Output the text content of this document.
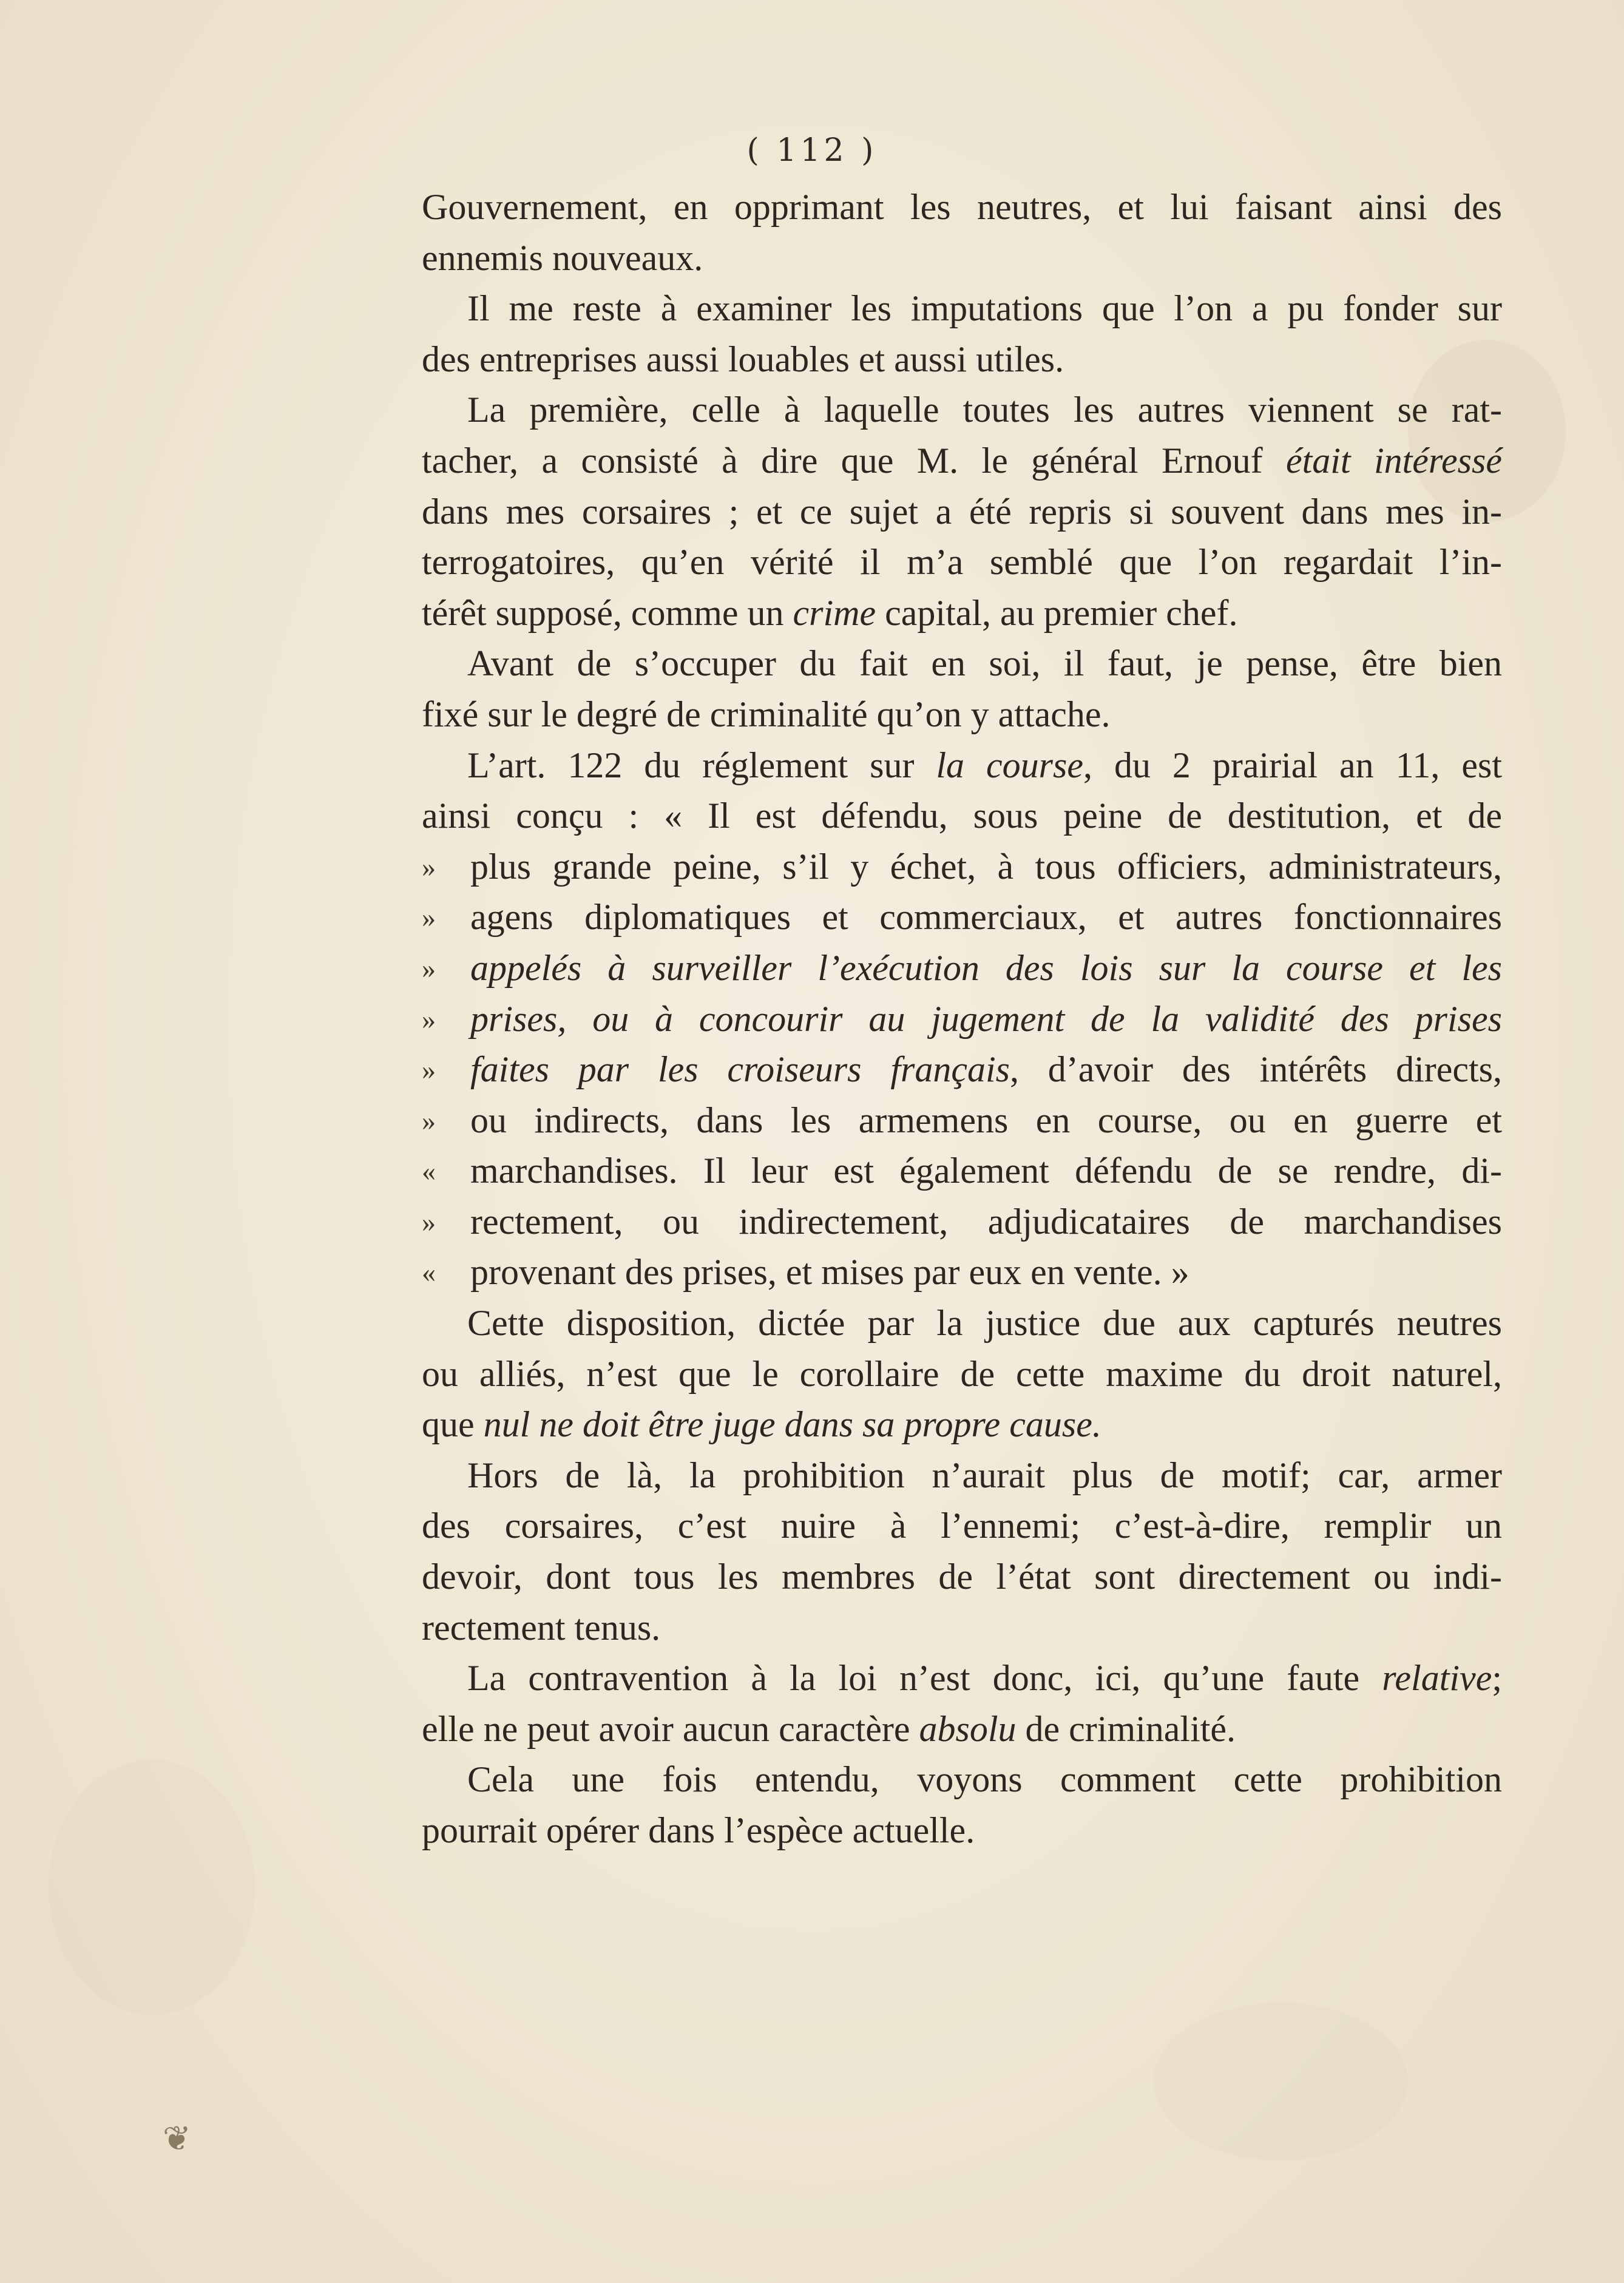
( 112 )
Gouvernement, en opprimant les neutres, et lui faisant ainsi des
ennemis nouveaux.
Il me reste à examiner les imputations que l’on a pu fonder sur
des entreprises aussi louables et aussi utiles.
La première, celle à laquelle toutes les autres viennent se rat-
tacher, a consisté à dire que M. le général Ernouf était intéressé
dans mes corsaires ; et ce sujet a été repris si souvent dans mes in-
terrogatoires, qu’en vérité il m’a semblé que l’on regardait l’in-
térêt supposé, comme un crime capital, au premier chef.
Avant de s’occuper du fait en soi, il faut, je pense, être bien
fixé sur le degré de criminalité qu’on y attache.
L’art. 122 du réglement sur la course, du 2 prairial an 11, est
ainsi conçu : « Il est défendu, sous peine de destitution, et de
» plus grande peine, s’il y échet, à tous officiers, administrateurs,
» agens diplomatiques et commerciaux, et autres fonctionnaires
» appelés à surveiller l’exécution des lois sur la course et les
» prises, ou à concourir au jugement de la validité des prises
» faites par les croiseurs français, d’avoir des intérêts directs,
» ou indirects, dans les armemens en course, ou en guerre et
« marchandises. Il leur est également défendu de se rendre, di-
» rectement, ou indirectement, adjudicataires de marchandises
« provenant des prises, et mises par eux en vente. »
Cette disposition, dictée par la justice due aux capturés neutres
ou alliés, n’est que le corollaire de cette maxime du droit naturel,
que nul ne doit être juge dans sa propre cause.
Hors de là, la prohibition n’aurait plus de motif; car, armer
des corsaires, c’est nuire à l’ennemi; c’est-à-dire, remplir un
devoir, dont tous les membres de l’état sont directement ou indi-
rectement tenus.
La contravention à la loi n’est donc, ici, qu’une faute relative;
elle ne peut avoir aucun caractère absolu de criminalité.
Cela une fois entendu, voyons comment cette prohibition
pourrait opérer dans l’espèce actuelle.
❦
